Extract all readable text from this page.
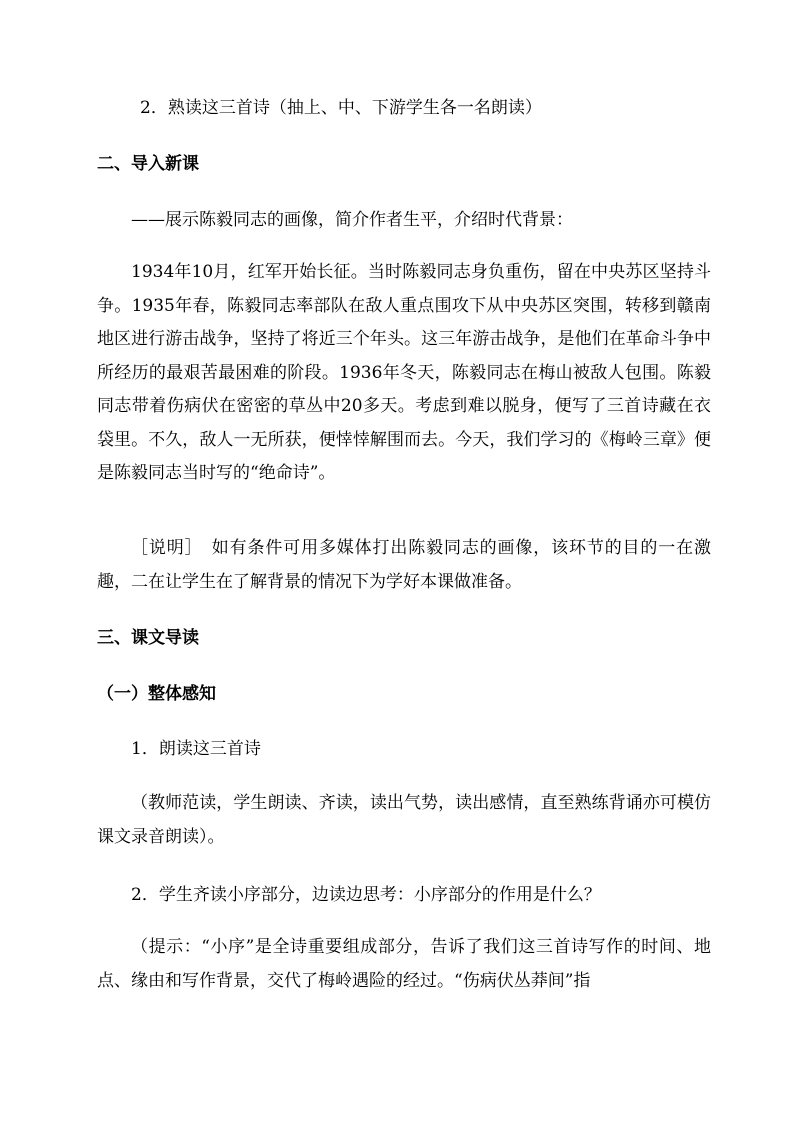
2．熟读这三首诗（抽上、中、下游学生各一名朗读）
二、导入新课
——展示陈毅同志的画像，简介作者生平，介绍时代背景：
1934年10月，红军开始长征。当时陈毅同志身负重伤，留在中央苏区坚持斗争。1935年春，陈毅同志率部队在敌人重点围攻下从中央苏区突围，转移到赣南地区进行游击战争，坚持了将近三个年头。这三年游击战争，是他们在革命斗争中所经历的最艰苦最困难的阶段。1936年冬天，陈毅同志在梅山被敌人包围。陈毅同志带着伤病伏在密密的草丛中20多天。考虑到难以脱身，便写了三首诗藏在衣袋里。不久，敌人一无所获，便悻悻解围而去。今天，我们学习的《梅岭三章》便是陈毅同志当时写的“绝命诗”。
［说明］　如有条件可用多媒体打出陈毅同志的画像，该环节的目的一在激趣，二在让学生在了解背景的情况下为学好本课做准备。
三、课文导读
（一）整体感知
1．朗读这三首诗
（教师范读，学生朗读、齐读，读出气势，读出感情，直至熟练背诵亦可模仿课文录音朗读）。
2．学生齐读小序部分，边读边思考：小序部分的作用是什么？
（提示：“小序”是全诗重要组成部分，告诉了我们这三首诗写作的时间、地点、缘由和写作背景，交代了梅岭遇险的经过。“伤病伏丛莽间”指
